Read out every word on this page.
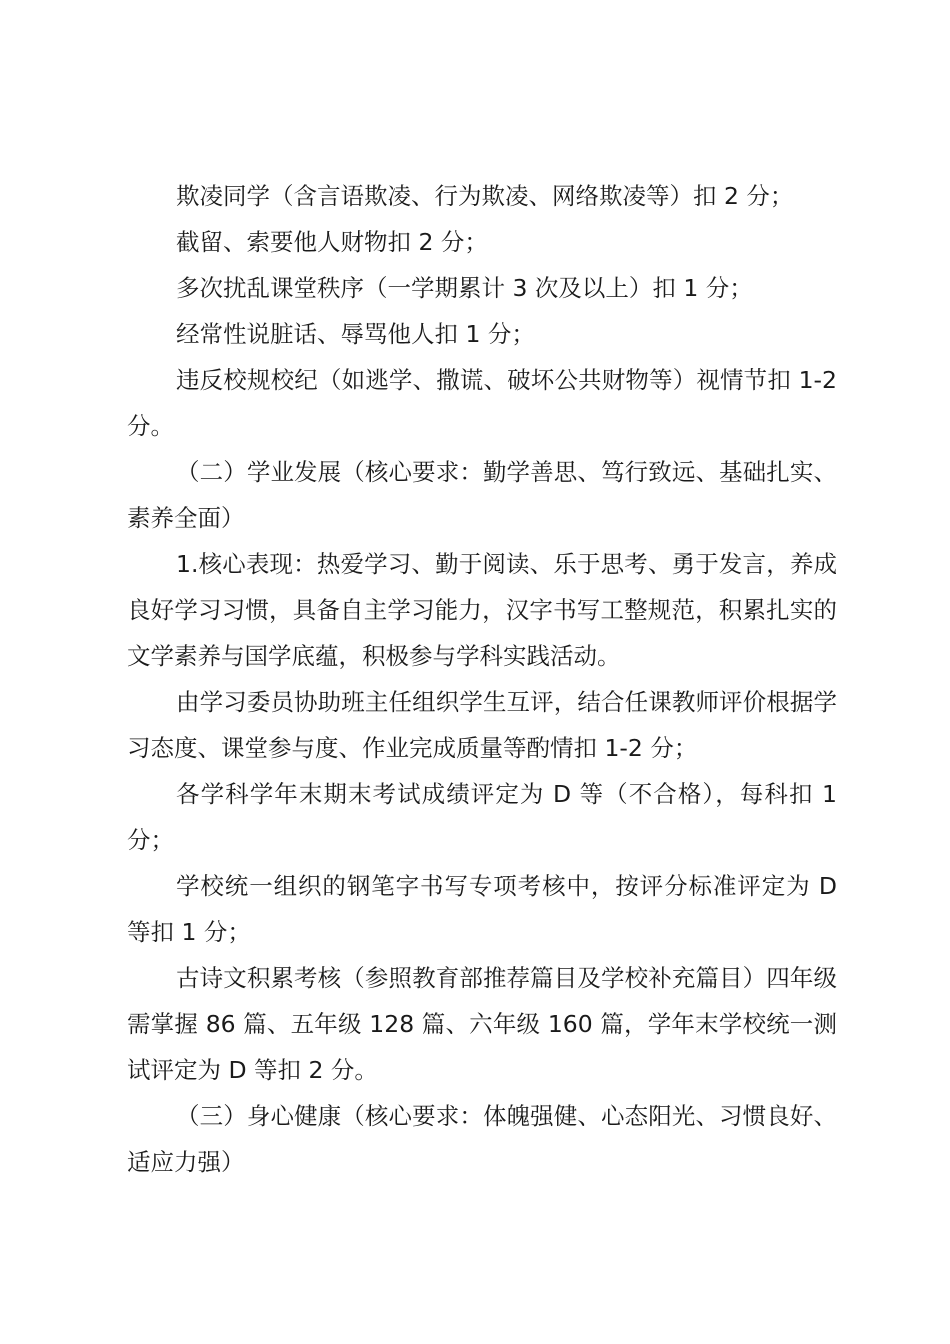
欺凌同学（含言语欺凌、行为欺凌、网络欺凌等）扣 2 分；

截留、索要他人财物扣 2 分；

多次扰乱课堂秩序（一学期累计 3 次及以上）扣 1 分；

经常性说脏话、辱骂他人扣 1 分；

违反校规校纪（如逃学、撒谎、破坏公共财物等）视情节扣 1-2 分。

（二）学业发展（核心要求：勤学善思、笃行致远、基础扎实、素养全面）

1.核心表现：热爱学习、勤于阅读、乐于思考、勇于发言，养成良好学习习惯，具备自主学习能力，汉字书写工整规范，积累扎实的文学素养与国学底蕴，积极参与学科实践活动。

由学习委员协助班主任组织学生互评，结合任课教师评价根据学习态度、课堂参与度、作业完成质量等酌情扣 1-2 分；

各学科学年末期末考试成绩评定为 D 等（不合格），每科扣 1 分；

学校统一组织的钢笔字书写专项考核中，按评分标准评定为 D 等扣 1 分；

古诗文积累考核（参照教育部推荐篇目及学校补充篇目）四年级需掌握 86 篇、五年级 128 篇、六年级 160 篇，学年末学校统一测试评定为 D 等扣 2 分。

（三）身心健康（核心要求：体魄强健、心态阳光、习惯良好、适应力强）
